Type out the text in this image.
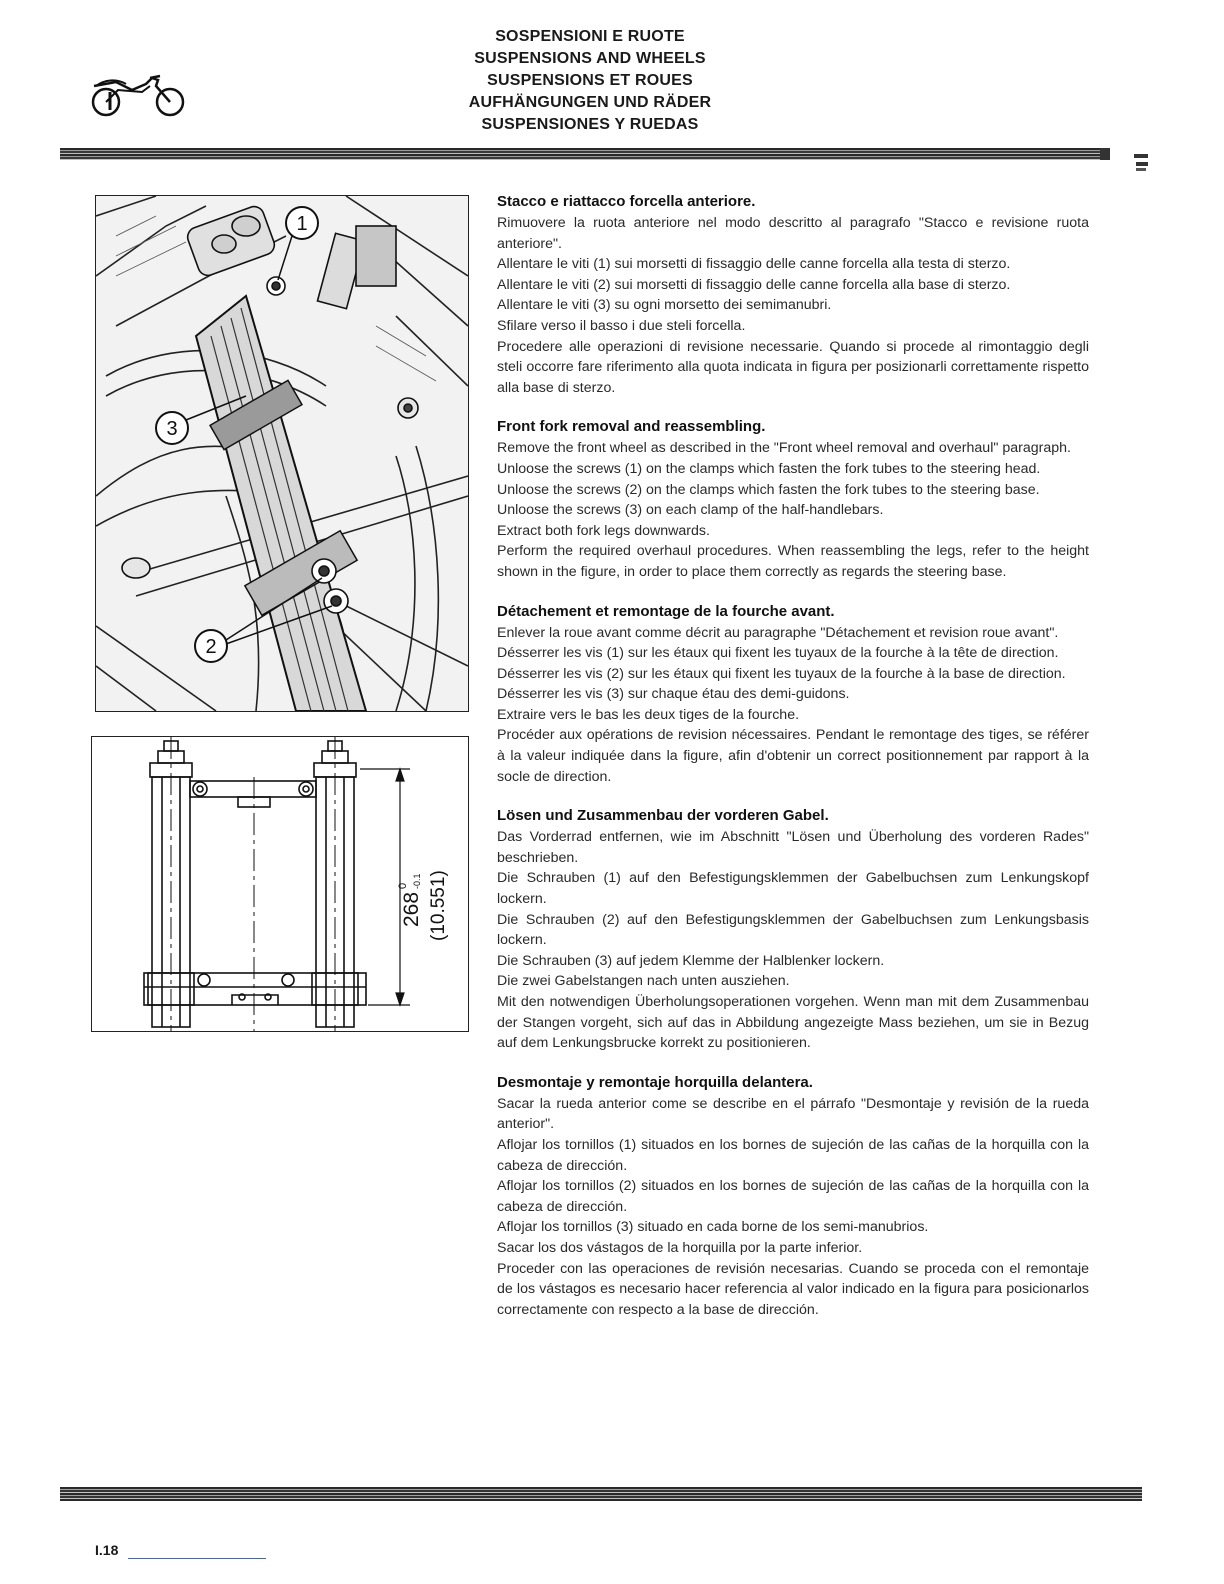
SOSPENSIONI E RUOTE
SUSPENSIONS AND WHEELS
SUSPENSIONS ET ROUES
AUFHÄNGUNGEN UND RÄDER
SUSPENSIONES Y RUEDAS
1
3
2
268
0 -0.1 (10.551)
Stacco e riattacco forcella anteriore.

Rimuovere la ruota anteriore nel modo descritto al paragrafo "Stacco e revisione ruota anteriore".

Allentare le viti (1) sui morsetti di fissaggio delle canne forcella alla testa di sterzo.

Allentare le viti (2) sui morsetti di fissaggio delle canne forcella alla base di sterzo.

Allentare le viti (3) su ogni morsetto dei semimanubri.

Sfilare verso il basso i due steli forcella.

Procedere alle operazioni di revisione necessarie. Quando si procede al rimontaggio degli steli occorre fare riferimento alla quota indicata in figura per posizionarli correttamente rispetto alla base di sterzo.

Front fork removal and reassembling.

Remove the front wheel as described in the "Front wheel removal and overhaul" paragraph.

Unloose the screws (1) on the clamps which fasten the fork tubes to the steering head.

Unloose the screws (2) on the clamps which fasten the fork tubes to the steering base.

Unloose the screws (3) on each clamp of the half-handlebars.

Extract both fork legs downwards.

Perform the required overhaul procedures. When reassembling the legs, refer to the height shown in the figure, in order to place them correctly as regards the steering base.

Détachement et remontage de la fourche avant.

Enlever la roue avant comme décrit au paragraphe "Détachement et revision roue avant".

Désserrer les vis (1) sur les étaux qui fixent les tuyaux de la fourche à la tête de direction.

Désserrer les vis (2) sur les étaux qui fixent les tuyaux de la fourche à la base de direction.

Désserrer les vis (3) sur chaque étau des demi-guidons.

Extraire vers le bas les deux tiges de la fourche.

Procéder aux opérations de revision nécessaires. Pendant le remontage des tiges, se référer à la valeur indiquée dans la figure, afin d'obtenir un correct positionnement par rapport à la socle de direction.

Lösen und Zusammenbau der vorderen Gabel.

Das Vorderrad entfernen, wie im Abschnitt "Lösen und Überholung des vorderen Rades" beschrieben.

Die Schrauben (1) auf den Befestigungsklemmen der Gabelbuchsen zum Lenkungskopf lockern.

Die Schrauben (2) auf den Befestigungsklemmen der Gabelbuchsen zum Lenkungsbasis lockern.

Die Schrauben (3) auf jedem Klemme der Halblenker lockern.

Die zwei Gabelstangen nach unten ausziehen.

Mit den notwendigen Überholungsoperationen vorgehen. Wenn man mit dem Zusammenbau der Stangen vorgeht, sich auf das in Abbildung angezeigte Mass beziehen, um sie in Bezug auf dem Lenkungsbrucke korrekt zu positionieren.

Desmontaje y remontaje horquilla delantera.

Sacar la rueda anterior come se describe en el párrafo "Desmontaje y revisión de la rueda anterior".

Aflojar los tornillos (1) situados en los bornes de sujeción de las cañas de la horquilla con la cabeza de dirección.

Aflojar los tornillos (2) situados en los bornes de sujeción de las cañas de la horquilla con la cabeza de dirección.

Aflojar los tornillos (3) situado en cada borne de los semi-manubrios.

Sacar los dos vástagos de la horquilla por la parte inferior.

Proceder con las operaciones de revisión necesarias. Cuando se proceda con el remontaje de los vástagos es necesario hacer referencia al valor indicado en la figura para posicionarlos correctamente con respecto a la base de dirección.

I.18
